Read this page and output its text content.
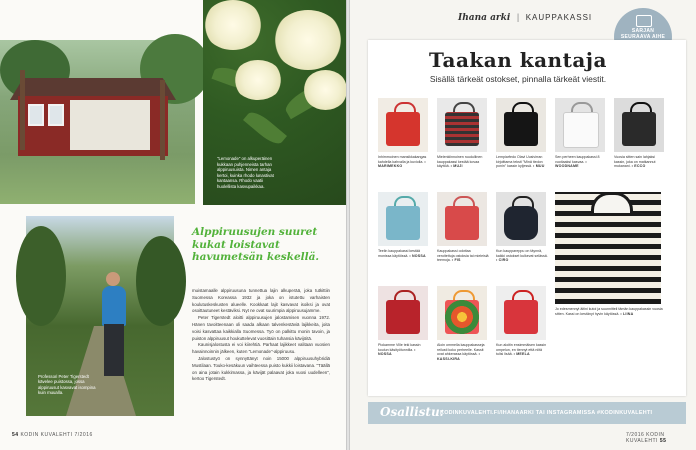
"Lemonade" on alkuperäinen kukkaan puhjenneista tarhan alppiruusuista. Nimen antaja kertoi, kuinka rhodo lunastivat kantaansa. Rhodo vaatii huolellista kasvupaikkaa.
Professori Peter Tigerstedt kävelee puistossa, jossa alppiruusut kasvavat isompina kuin muualla.
Alppiruusujen suuret kukat loistavat havumetsän keskellä.

muistamaalle alppiruusuna tunnettua lajin alkuperää, joka tutkittiin Suomessa Koreassa 1932 ja joka on istutettu varhaisten koulutuskeskusten alueelle. Kookkaat lajit kasvavat isoiksi ja ovat osoittautuneet kestäviksi. Nyt ne ovat suurimpia alppiruusujamme.

Peter Tigerstedt aloitti alppiruusujen jalostamisen vuonna 1972. Hänen tavoitteenaan oli saada alkaan talvenkestäviä lajikkeita, joita voisi kasvattaa kaikkialla Suomessa. Työ on palkittu monin tavoin, ja puiston alppiruusut houkuttelevat vuosittain tuhansia kävijöitä.

Kaunisjalostusta ei voi kiirehtiä. Parhaat lajikkeet valitaan vuosien havainnoinnin jälkeen, kuten "Lemonade"-alppiruusu.

Jalostustyö on synnyttänyt noin 15000 alppiruusuhybridiä Mustilaan. Touko-kesäkuun vaihteessa puisto kukkii loistavana. "Täällä on aina jotain kukkimassa, ja kävijät palaavat joka vuosi uudelleen", kertoo Tigerstedt.

54 KODIN KUVALEHTI 7/2016
Ihana arki | KAUPPAKASSI
SARJAN SEURAAVA AIHE
Taakan kantaja
Sisällä tärkeät ostokset, pinnalla tärkeät viestit.
Inhimmoinen mansikkakangas kahdella kahvalla ja kuviolla. • MARIMEKKO
Mielenkiinnoinen ruudullinen kauppakassi kestää kovaa käyttöä. • MUJI
Lempiarfedo Olavi Uusivirran kirjoittama teksti "Minä tiedon ponin" kassin kyljessä. • MUU
Sen perheen kauppakassi 8 vuotiaaksi kasvaa. • WOODNAME
Vuosia sitten sain lahjaksi kassin, joka on matkannut mukanani. • ECCO
Teelin kauppakassi kestää monissa käytöissä. • NOSSA
Kauppakassi odottaa veroitettuja ostoksia tai mieleisiä teemoja. • FIS
Kun kauppareppu on täynnä, kaikki ostokset kulkevat selässä. • CIRO
Piokamme Ville teki kassin koulun käsityötunnilla. • NOSSA
Aloin ommella kauppakasseja reilusti koko perheelle. Kassit ovat ahkerassa käytössä. • KASSI-KIRA
Kun aloitin ensimmäisen kassin ompelun, en tiennyt että niitä tulisi lisää. • MEELA
Jo edesmennyt äitini kutoi ja suunnitteli tämän kauppakassin vuosia sitten. Kassi on kestänyt hyvin käytössä. • LIINA
Osallistu:
KODINKUVALEHTI.FI/IHANAARKI TAI INSTAGRAMISSA #KODINKUVALEHTI
7/2016 KODIN KUVALEHTI 55
